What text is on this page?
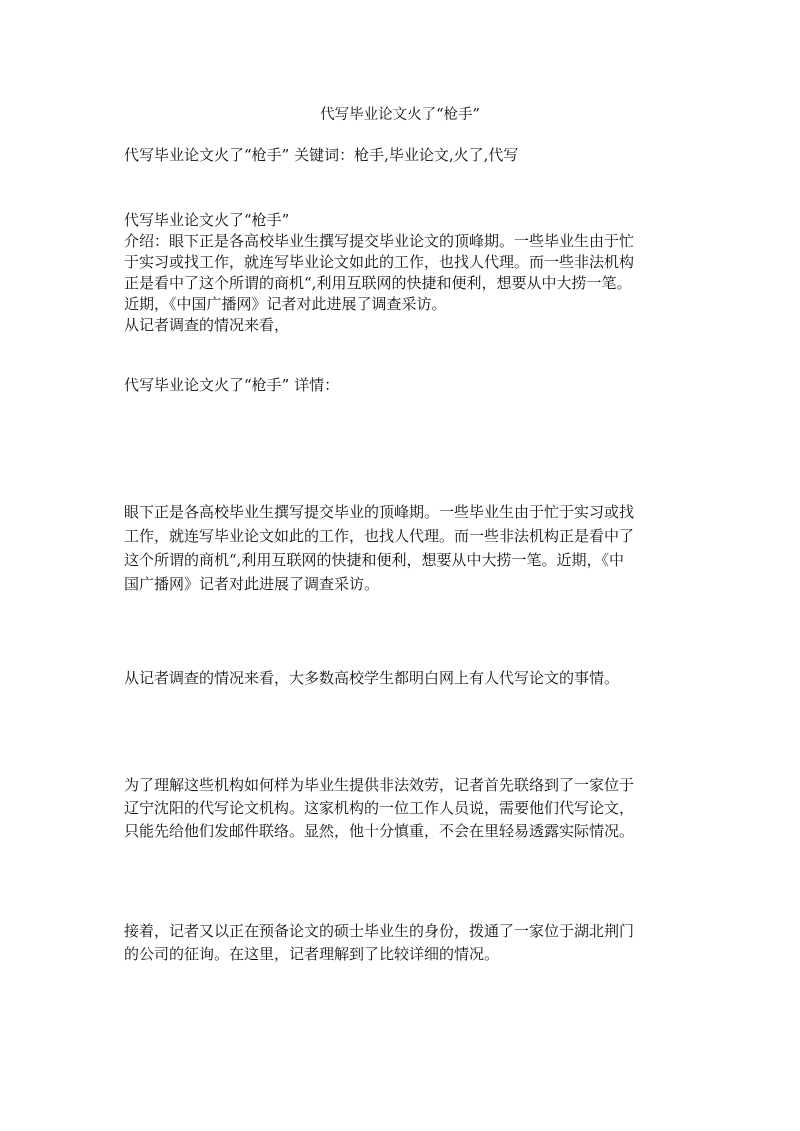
代写毕业论文火了“枪手”
代写毕业论文火了“枪手” 关键词：枪手,毕业论文,火了,代写
代写毕业论文火了“枪手”
介绍：眼下正是各高校毕业生撰写提交毕业论文的顶峰期。一些毕业生由于忙
于实习或找工作，就连写毕业论文如此的工作，也找人代理。而一些非法机构
正是看中了这个所谓的商机“,利用互联网的快捷和便利，想要从中大捞一笔。
近期，《中国广播网》记者对此进展了调查采访。
从记者调查的情况来看，
代写毕业论文火了“枪手” 详情：
眼下正是各高校毕业生撰写提交毕业的顶峰期。一些毕业生由于忙于实习或找
工作，就连写毕业论文如此的工作，也找人代理。而一些非法机构正是看中了
这个所谓的商机“,利用互联网的快捷和便利，想要从中大捞一笔。近期，《中
国广播网》记者对此进展了调查采访。
从记者调查的情况来看，大多数高校学生都明白网上有人代写论文的事情。
为了理解这些机构如何样为毕业生提供非法效劳，记者首先联络到了一家位于
辽宁沈阳的代写论文机构。这家机构的一位工作人员说，需要他们代写论文，
只能先给他们发邮件联络。显然，他十分慎重，不会在里轻易透露实际情况。
接着，记者又以正在预备论文的硕士毕业生的身份，拨通了一家位于湖北荆门
的公司的征询。在这里，记者理解到了比较详细的情况。
